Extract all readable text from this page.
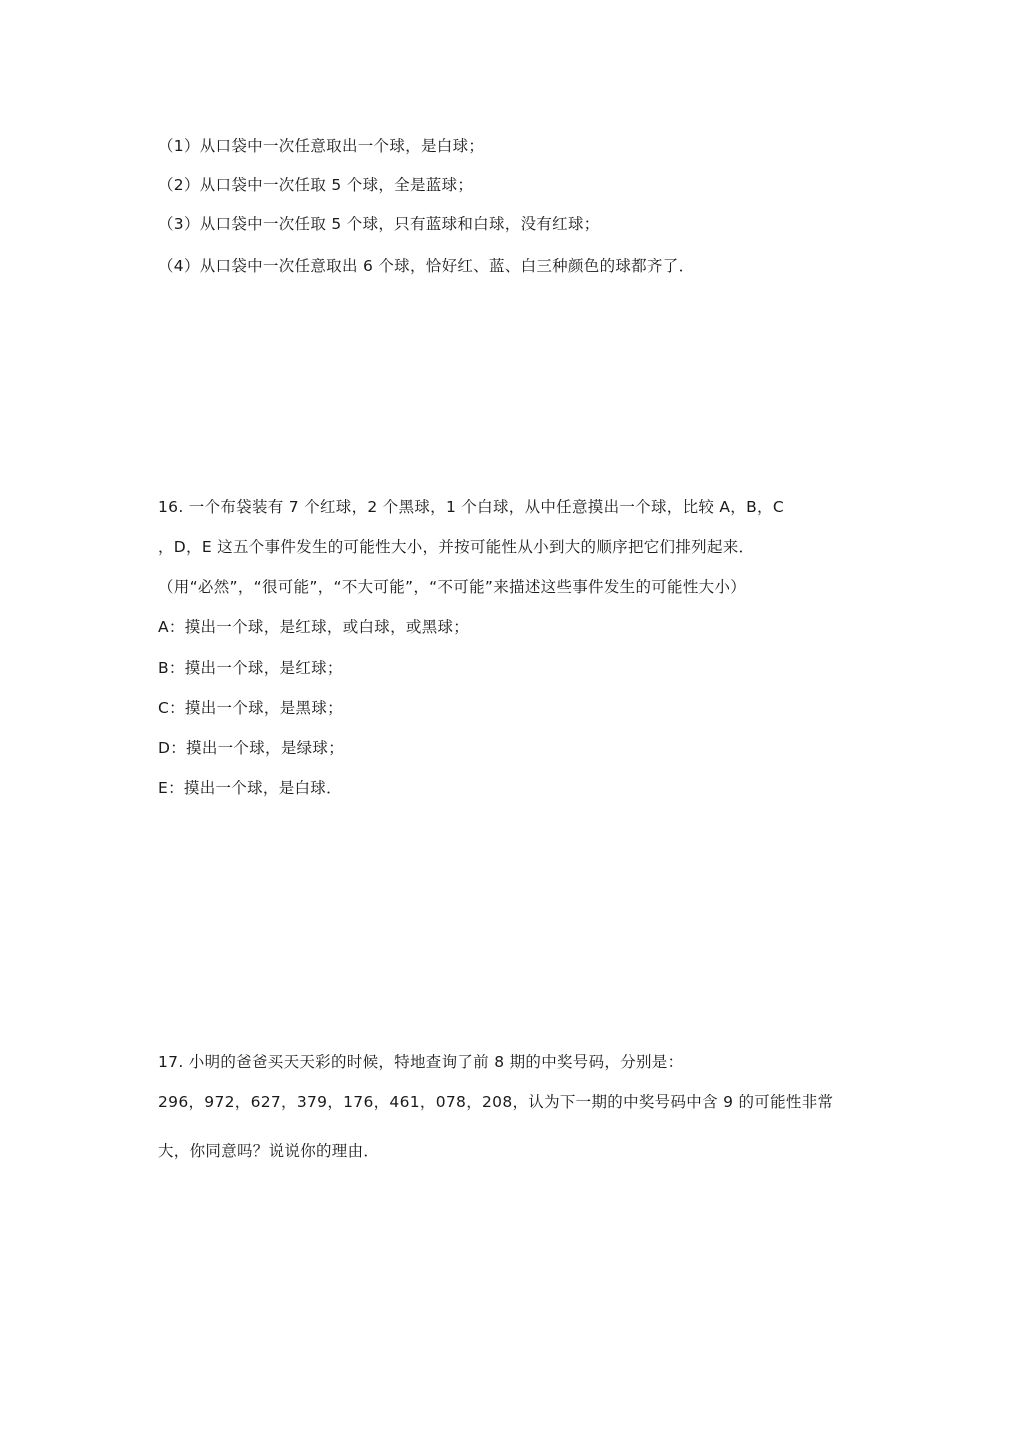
（1）从口袋中一次任意取出一个球，是白球；
（2）从口袋中一次任取 5 个球，全是蓝球；
（3）从口袋中一次任取 5 个球，只有蓝球和白球，没有红球；
（4）从口袋中一次任意取出 6 个球，恰好红、蓝、白三种颜色的球都齐了．
16. 一个布袋装有 7 个红球，2 个黑球，1 个白球，从中任意摸出一个球，比较 A，B，C
，D，E 这五个事件发生的可能性大小，并按可能性从小到大的顺序把它们排列起来．
（用“必然”，“很可能”，“不大可能”，“不可能”来描述这些事件发生的可能性大小）
A：摸出一个球，是红球，或白球，或黑球；
B：摸出一个球，是红球；
C：摸出一个球，是黑球；
D：摸出一个球，是绿球；
E：摸出一个球，是白球．
17. 小明的爸爸买天天彩的时候，特地查询了前 8 期的中奖号码，分别是：
296，972，627，379，176，461，078，208，认为下一期的中奖号码中含 9 的可能性非常
大，你同意吗？说说你的理由．
